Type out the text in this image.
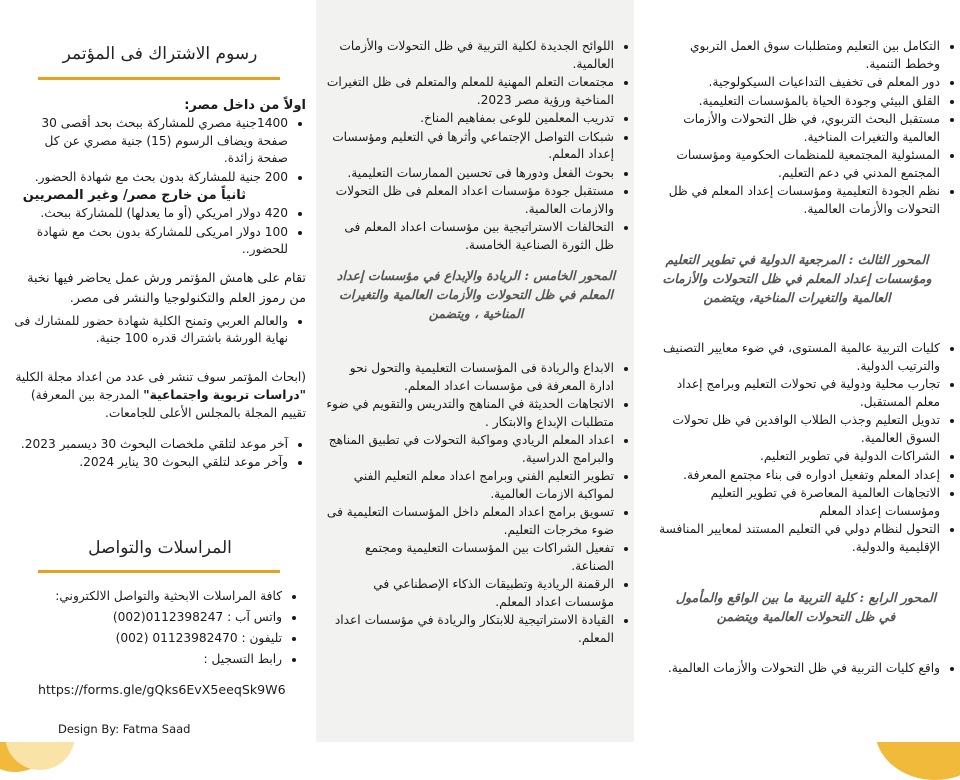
رسوم الاشتراك فى المؤتمر
اولاً من داخل مصر:
• 1400جنية مصري للمشاركة ببحث بحد أقصى 30 صفحة ويضاف الرسوم (15) جنية مصري عن كل صفحة زائدة.
• 200 جنية للمشاركة بدون بحث مع شهادة الحضور.
ثانياً من خارج مصر/ وغير المصريين
• 420 دولار امريكي (أو ما يعدلها) للمشاركة ببحث.
• 100 دولار امريكى للمشاركة بدون بحث مع شهادة للحضور..
تقام على هامش المؤتمر ورش عمل يحاضر فيها نخبة من رموز العلم والتكنولوجيا والنشر فى مصر.
• والعالم العربي وتمنح الكلية شهادة حضور للمشارك فى نهاية الورشة باشتراك قدره 100 جنية.
(ابحاث المؤتمر سوف تنشر فى عدد من اعداد مجلة الكلية "دراسات تربوية واجتماعية" المدرجة بين المعرفة) تقييم المجلة بالمجلس الأعلى للجامعات.
• آخر موعد لتلقي ملخصات البحوث 30 ديسمبر 2023.
• وآخر موعد لتلقي البحوث 30 يناير 2024.
المراسلات والتواصل
• كافة المراسلات الابحثية والتواصل الالكتروني:
• واتس آب : 0112398247(002)
• تليفون : 01123982470 (002)
• رابط التسجيل :
https://forms.gle/gQks6EvX5eeqSk9W6
Design By: Fatma Saad
• اللوائح الجديدة لكلية التربية في ظل التحولات والأزمات العالمية.
• مجتمعات التعلم المهنية للمعلم والمتعلم فى ظل التغيرات المناخية ورؤية مصر 2023.
• تدريب المعلمين للوعى بمفاهيم المناخ.
• شبكات التواصل الإجتماعي وأثرها في التعليم ومؤسسات إعداد المعلم.
• بحوث الفعل ودورها فى تحسين الممارسات التعليمية.
• مستقبل جودة مؤسسات اعداد المعلم فى ظل التحولات والازمات العالمية.
• التحالفات الاستراتيجية بين مؤسسات اعداد المعلم فى ظل الثورة الصناعية الخامسة.
المحور الخامس : الريادة والإبداع في مؤسسات إعداد المعلم في ظل التحولات والأزمات العالمية والتغيرات المناخية ، ويتضمن
• الابداع والريادة فى المؤسسات التعليمية والتحول نحو ادارة المعرفة فى مؤسسات اعداد المعلم.
• الاتجاهات الحديثة في المناهج والتدريس والتقويم في ضوء متطلبات الإبداع والابتكار .
• اعداد المعلم الريادي ومواكبة التحولات في تطبيق المناهج والبرامج الدراسية.
• تطوير التعليم الفني وبرامج اعداد معلم التعليم الفني لمواكبة الازمات العالمية.
• تسويق برامج اعداد المعلم داخل المؤسسات التعليمية فى ضوء مخرجات التعليم.
• تفعيل الشراكات بين المؤسسات التعليمية ومجتمع الصناعة.
• الرقمنة الريادية وتطبيقات الذكاء الإصطناعي في مؤسسات اعداد المعلم.
• القيادة الاستراتيجية للابتكار والريادة في مؤسسات اعداد المعلم.
• التكامل بين التعليم ومتطلبات سوق العمل التربوي وخطط التنمية.
• دور المعلم فى تخفيف التداعيات السيكولوجية.
• القلق البيئي وجودة الحياة بالمؤسسات التعليمية.
• مستقبل البحث التربوي، في ظل التحولات والأزمات العالمية والتغيرات المناخية.
• المسئولية المجتمعية للمنظمات الحكومية ومؤسسات المجتمع المدني في دعم التعليم.
• نظم الجودة التعليمية ومؤسسات إعداد المعلم في ظل التحولات والأزمات العالمية.
المحور الثالث : المرجعية الدولية في تطوير التعليم ومؤسسات إعداد المعلم في ظل التحولات والأزمات العالمية والتغيرات المناخية، ويتضمن
• كليات التربية عالمية المستوى، في ضوء معايير التصنيف والترتيب الدولية.
• تجارب محلية ودولية في تحولات التعليم وبرامج إعداد معلم المستقبل.
• تدويل التعليم وجذب الطلاب الوافدين في ظل تحولات السوق العالمية.
• الشراكات الدولية في تطوير التعليم.
• إعداد المعلم وتفعيل ادواره فى بناء مجتمع المعرفة.
• الاتجاهات العالمية المعاصرة في تطوير التعليم ومؤسسات إعداد المعلم
• التحول لنظام دولي في التعليم المستند لمعايير المنافسة الإقليمية والدولية.
المحور الرابع : كلية التربية ما بين الواقع والمأمول في ظل التحولات العالمية ويتضمن
• واقع كليات التربية في ظل التحولات والأزمات العالمية.
